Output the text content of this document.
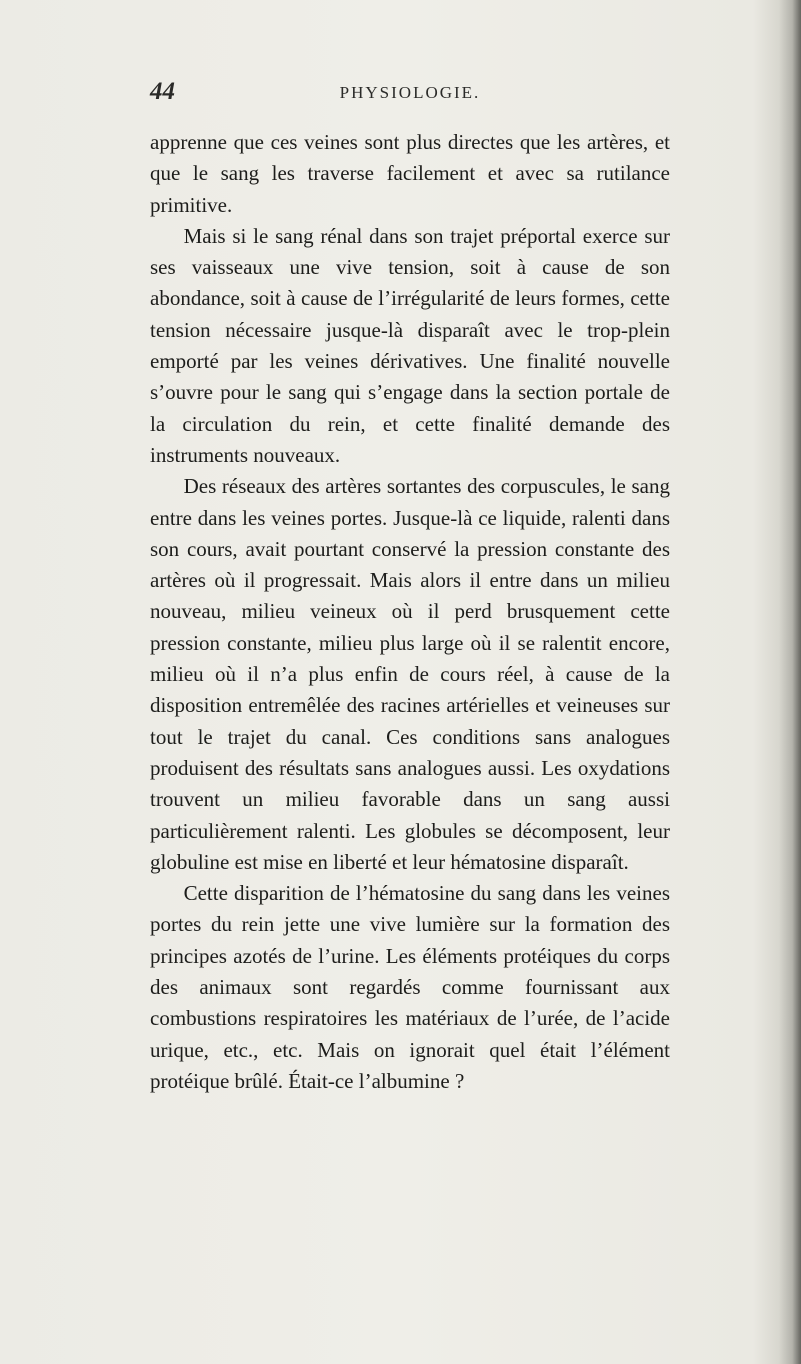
44	PHYSIOLOGIE.

apprenne que ces veines sont plus directes que les artères, et que le sang les traverse facilement et avec sa rutilance primitive.

Mais si le sang rénal dans son trajet préportal exerce sur ses vaisseaux une vive tension, soit à cause de son abondance, soit à cause de l’irrégularité de leurs formes, cette tension nécessaire jusque-là disparaît avec le trop-plein emporté par les veines dérivatives. Une finalité nouvelle s’ouvre pour le sang qui s’engage dans la section portale de la circulation du rein, et cette finalité demande des instruments nouveaux.

Des réseaux des artères sortantes des corpuscules, le sang entre dans les veines portes. Jusque-là ce liquide, ralenti dans son cours, avait pourtant conservé la pression constante des artères où il progressait. Mais alors il entre dans un milieu nouveau, milieu veineux où il perd brusquement cette pression constante, milieu plus large où il se ralentit encore, milieu où il n’a plus enfin de cours réel, à cause de la disposition entremêlée des racines artérielles et veineuses sur tout le trajet du canal. Ces conditions sans analogues produisent des résultats sans analogues aussi. Les oxydations trouvent un milieu favorable dans un sang aussi particulièrement ralenti. Les globules se décomposent, leur globuline est mise en liberté et leur hématosine disparaît.

Cette disparition de l’hématosine du sang dans les veines portes du rein jette une vive lumière sur la formation des principes azotés de l’urine. Les éléments protéiques du corps des animaux sont regardés comme fournissant aux combustions respiratoires les matériaux de l’urée, de l’acide urique, etc., etc. Mais on ignorait quel était l’élément protéique brûlé. Était-ce l’albumine ?
